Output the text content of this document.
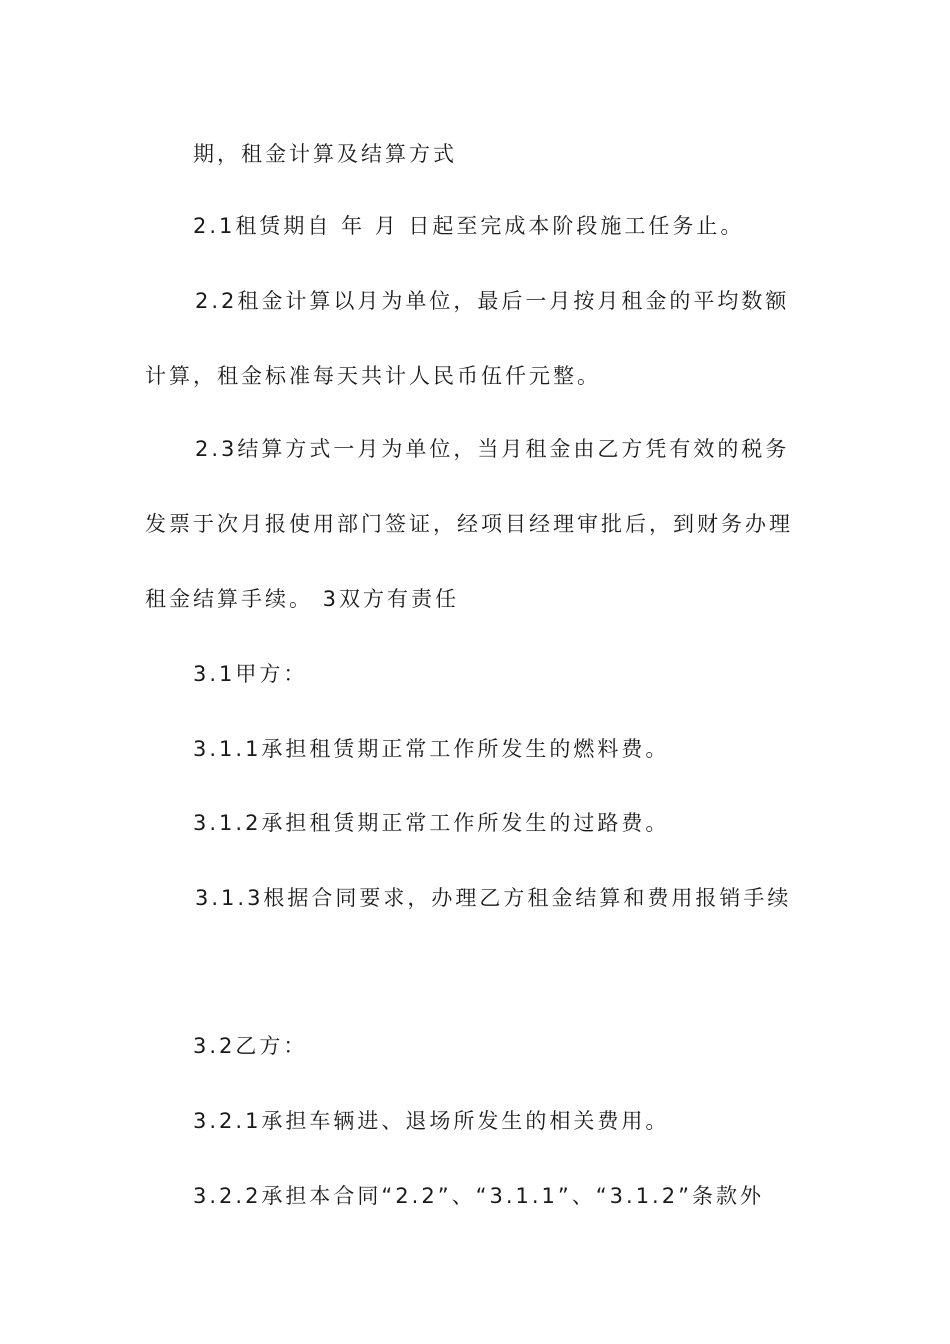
期，租金计算及结算方式
2.1租赁期自 年 月 日起至完成本阶段施工任务止。
2.2租金计算以月为单位，最后一月按月租金的平均数额
计算，租金标准每天共计人民币伍仟元整。
2.3结算方式一月为单位，当月租金由乙方凭有效的税务
发票于次月报使用部门签证，经项目经理审批后，到财务办理
租金结算手续。 3双方有责任
3.1甲方：
3.1.1承担租赁期正常工作所发生的燃料费。
3.1.2承担租赁期正常工作所发生的过路费。
3.1.3根据合同要求，办理乙方租金结算和费用报销手续
3.2乙方：
3.2.1承担车辆进、退场所发生的相关费用。
3.2.2承担本合同“2.2”、“3.1.1”、“3.1.2”条款外
